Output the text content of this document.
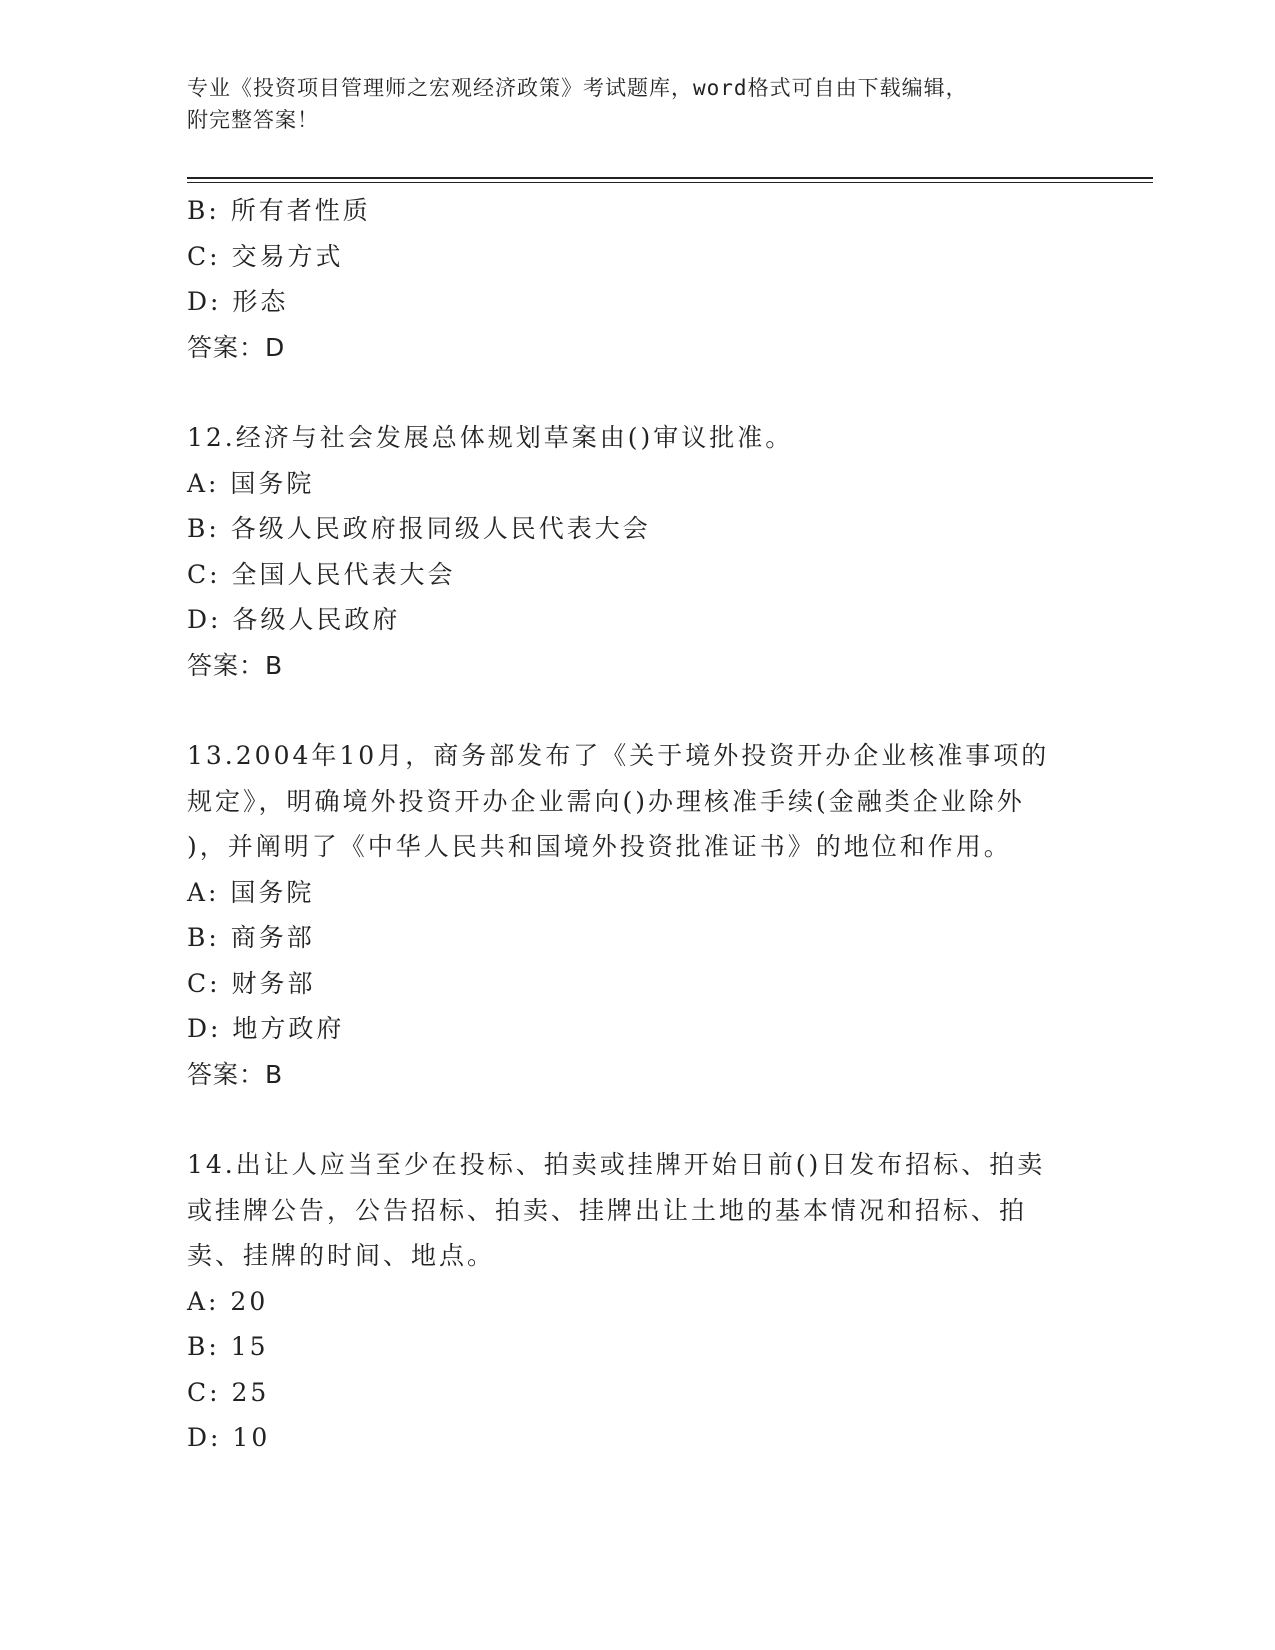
专业《投资项目管理师之宏观经济政策》考试题库，word格式可自由下载编辑，
附完整答案！
B: 所有者性质
C: 交易方式
D: 形态
答案：D
12.经济与社会发展总体规划草案由()审议批准。
A: 国务院
B: 各级人民政府报同级人民代表大会
C: 全国人民代表大会
D: 各级人民政府
答案：B
13.2004年10月，商务部发布了《关于境外投资开办企业核准事项的
规定》，明确境外投资开办企业需向()办理核准手续(金融类企业除外
)，并阐明了《中华人民共和国境外投资批准证书》的地位和作用。
A: 国务院
B: 商务部
C: 财务部
D: 地方政府
答案：B
14.出让人应当至少在投标、拍卖或挂牌开始日前()日发布招标、拍卖
或挂牌公告，公告招标、拍卖、挂牌出让土地的基本情况和招标、拍
卖、挂牌的时间、地点。
A: 20
B: 15
C: 25
D: 10
